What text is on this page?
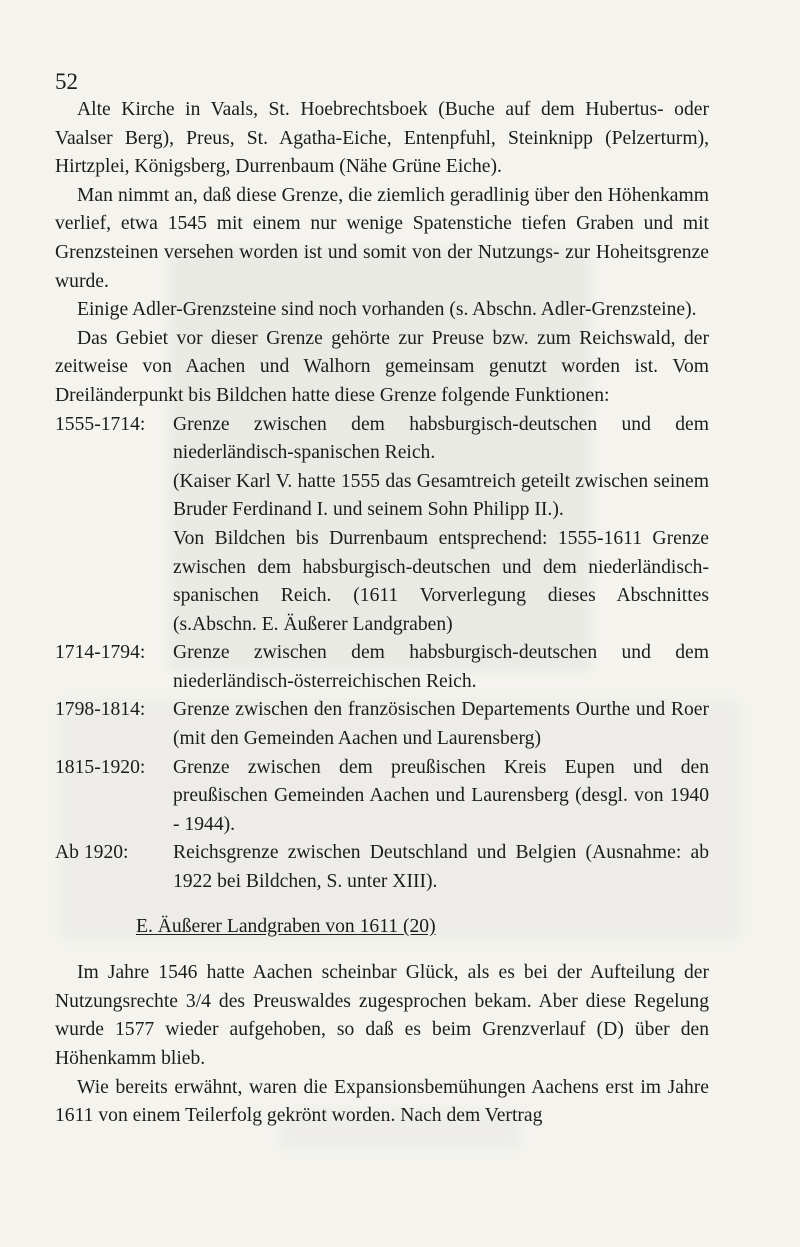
52

Alte Kirche in Vaals, St. Hoebrechtsboek (Buche auf dem Hubertus- oder Vaalser Berg), Preus, St. Agatha-Eiche, Entenpfuhl, Steinknipp (Pelzerturm), Hirtzplei, Königsberg, Durrenbaum (Nähe Grüne Eiche).

Man nimmt an, daß diese Grenze, die ziemlich geradlinig über den Höhenkamm verlief, etwa 1545 mit einem nur wenige Spatenstiche tiefen Graben und mit Grenzsteinen versehen worden ist und somit von der Nutzungs- zur Hoheitsgrenze wurde.

Einige Adler-Grenzsteine sind noch vorhanden (s. Abschn. Adler-Grenzsteine).

Das Gebiet vor dieser Grenze gehörte zur Preuse bzw. zum Reichswald, der zeitweise von Aachen und Walhorn gemeinsam genutzt worden ist. Vom Dreiländerpunkt bis Bildchen hatte diese Grenze folgende Funktionen:

1555-1714:	Grenze zwischen dem habsburgisch-deutschen und dem niederländisch-spanischen Reich.
(Kaiser Karl V. hatte 1555 das Gesamtreich geteilt zwischen seinem Bruder Ferdinand I. und seinem Sohn Philipp II.).
Von Bildchen bis Durrenbaum entsprechend: 1555-1611 Grenze zwischen dem habsburgisch-deutschen und dem niederländisch-spanischen Reich. (1611 Vorverlegung dieses Abschnittes (s.Abschn. E. Äußerer Landgraben)
1714-1794:	Grenze zwischen dem habsburgisch-deutschen und dem niederländisch-österreichischen Reich.
1798-1814:	Grenze zwischen den französischen Departements Ourthe und Roer (mit den Gemeinden Aachen und Laurensberg)
1815-1920:	Grenze zwischen dem preußischen Kreis Eupen und den preußischen Gemeinden Aachen und Laurensberg (desgl. von 1940 - 1944).
Ab 1920:	Reichsgrenze zwischen Deutschland und Belgien (Ausnahme: ab 1922 bei Bildchen, S. unter XIII).
E. Äußerer Landgraben von 1611 (20)

Im Jahre 1546 hatte Aachen scheinbar Glück, als es bei der Aufteilung der Nutzungsrechte 3/4 des Preuswaldes zugesprochen bekam. Aber diese Regelung wurde 1577 wieder aufgehoben, so daß es beim Grenzverlauf (D) über den Höhenkamm blieb.

Wie bereits erwähnt, waren die Expansionsbemühungen Aachens erst im Jahre 1611 von einem Teilerfolg gekrönt worden. Nach dem Vertrag
